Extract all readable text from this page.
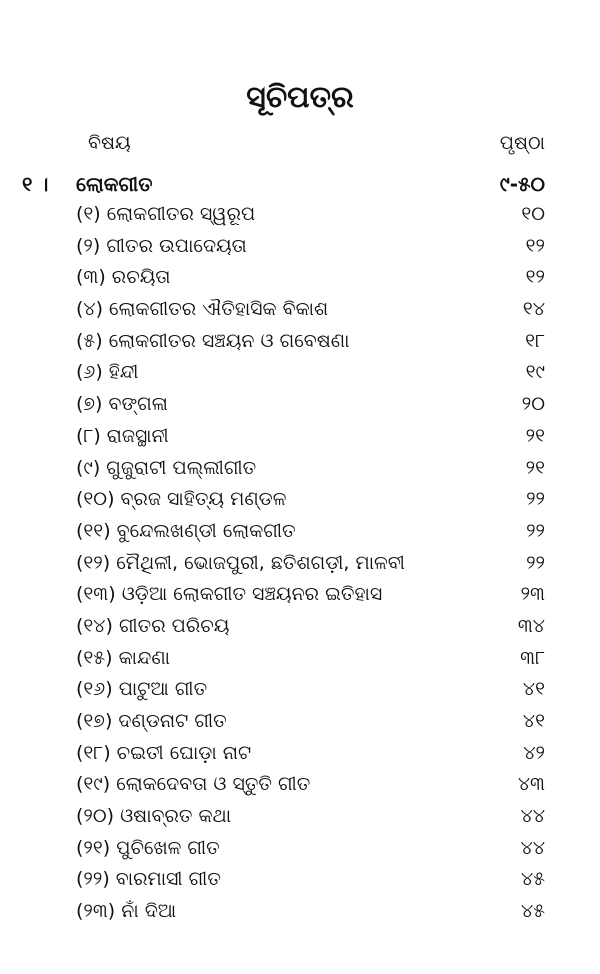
ସୂଚିପତ୍ର
ବିଷୟ	ପୃଷ୍ଠା
୧ । ଲୋକଗୀତ	୯-୫୦
(୧) ଲୋକଗୀତର ସ୍ୱରୂପ	୧୦
(୨) ଗୀତର ଉପାଦେୟତା	୧୨
(୩) ରଚୟିତା	୧୨
(୪) ଲୋକଗୀତର ଐତିହାସିକ ବିକାଶ	୧୪
(୫) ଲୋକଗୀତର ସଞ୍ଚୟନ ଓ ଗବେଷଣା	୧୮
(୬) ହିନ୍ଦୀ	୧୯
(୭) ବଙ୍ଗଳା	୨୦
(୮) ରାଜସ୍ଥାନୀ	୨୧
(୯) ଗୁଜୁରାଟୀ ପଲ୍ଲୀଗୀତ	୨୧
(୧୦) ବ୍ରଜ ସାହିତ୍ୟ ମଣ୍ଡଳ	୨୨
(୧୧) ବୁନ୍ଦେଲଖଣ୍ଡୀ ଲୋକଗୀତ	୨୨
(୧୨) ମୈଥିଳୀ, ଭୋଜପୁରୀ, ଛତିଶଗଡ଼ୀ, ମାଳବୀ	୨୨
(୧୩) ଓଡ଼ିଆ ଲୋକଗୀତ ସଞ୍ଚୟନର ଇତିହାସ	୨୩
(୧୪) ଗୀତର ପରିଚୟ	୩୪
(୧୫) କାନ୍ଦଣା	୩୮
(୧୬) ପାଟୁଆ ଗୀତ	୪୧
(୧୭) ଦଣ୍ଡନାଟ ଗୀତ	୪୧
(୧୮) ଚଇତୀ ଘୋଡ଼ା ନାଟ	୪୨
(୧୯) ଲୋକଦେବତା ଓ ସ୍ତୁତି ଗୀତ	୪୩
(୨୦) ଓଷାବ୍ରତ କଥା	୪୪
(୨୧) ପୁଚିଖେଳ ଗୀତ	୪୪
(୨୨) ବାରମାସୀ ଗୀତ	୪୫
(୨୩) ନାଁ ଦିଆ	୪୫
